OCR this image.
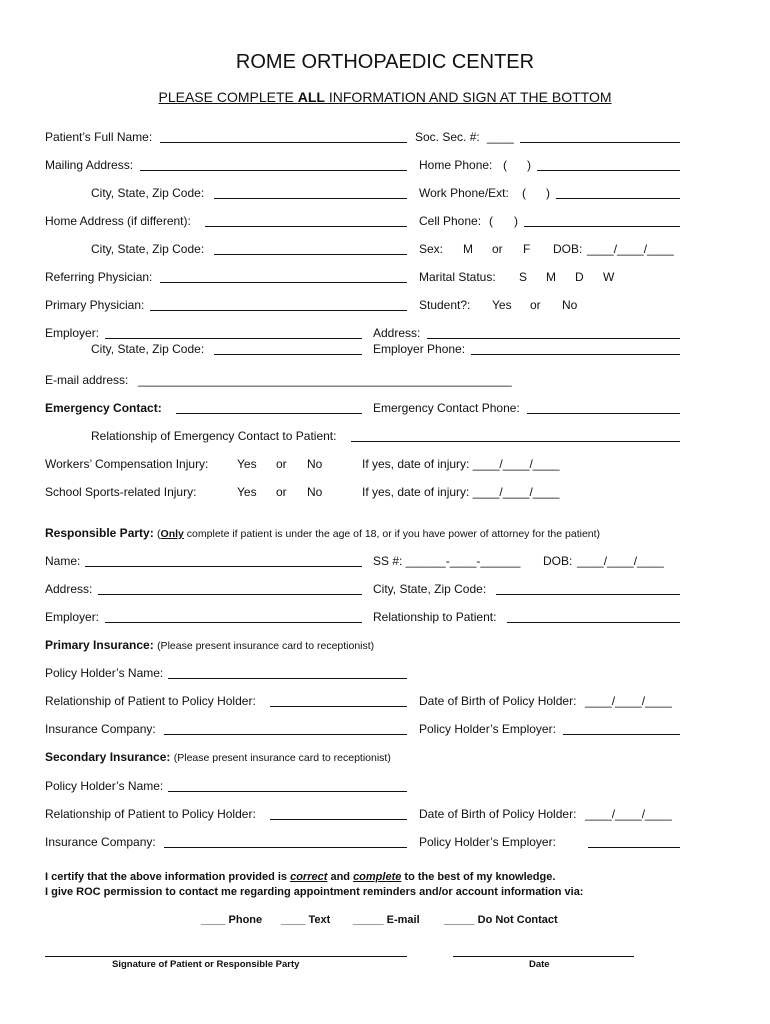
ROME ORTHOPAEDIC CENTER
PLEASE COMPLETE ALL INFORMATION AND SIGN AT THE BOTTOM
Patient’s Full Name:	Soc. Sec. #: ____
Mailing Address:	Home Phone: ( )
City, State, Zip Code:	Work Phone/Ext: ( )
Home Address (if different):	Cell Phone: ( )
City, State, Zip Code:	Sex: M or F DOB: ____/____/____
Referring Physician:	Marital Status: S M D W
Primary Physician:	Student?: Yes or No
Employer:	Address:
City, State, Zip Code:	Employer Phone:
E-mail address: ________________________________________________________
Emergency Contact:	Emergency Contact Phone:
Relationship of Emergency Contact to Patient:
Workers’ Compensation Injury: Yes or No	If yes, date of injury: ____/____/____
School Sports-related Injury:	Yes or No	If yes, date of injury: ____/____/____
Responsible Party: (Only complete if patient is under the age of 18, or if you have power of attorney for the patient)
Name:	SS #: ______-____-______ DOB: ____/____/____
Address:	City, State, Zip Code:
Employer:	Relationship to Patient:
Primary Insurance: (Please present insurance card to receptionist)
Policy Holder’s Name:
Relationship of Patient to Policy Holder:	Date of Birth of Policy Holder: ____/____/____
Insurance Company:	Policy Holder’s Employer:
Secondary Insurance: (Please present insurance card to receptionist)
Policy Holder’s Name:
Relationship of Patient to Policy Holder:	Date of Birth of Policy Holder: ____/____/____
Insurance Company:	Policy Holder’s Employer:
I certify that the above information provided is correct and complete to the best of my knowledge.
I give ROC permission to contact me regarding appointment reminders and/or account information via:
____ Phone ____ Text _____ E-mail _____ Do Not Contact
Signature of Patient or Responsible Party	Date
